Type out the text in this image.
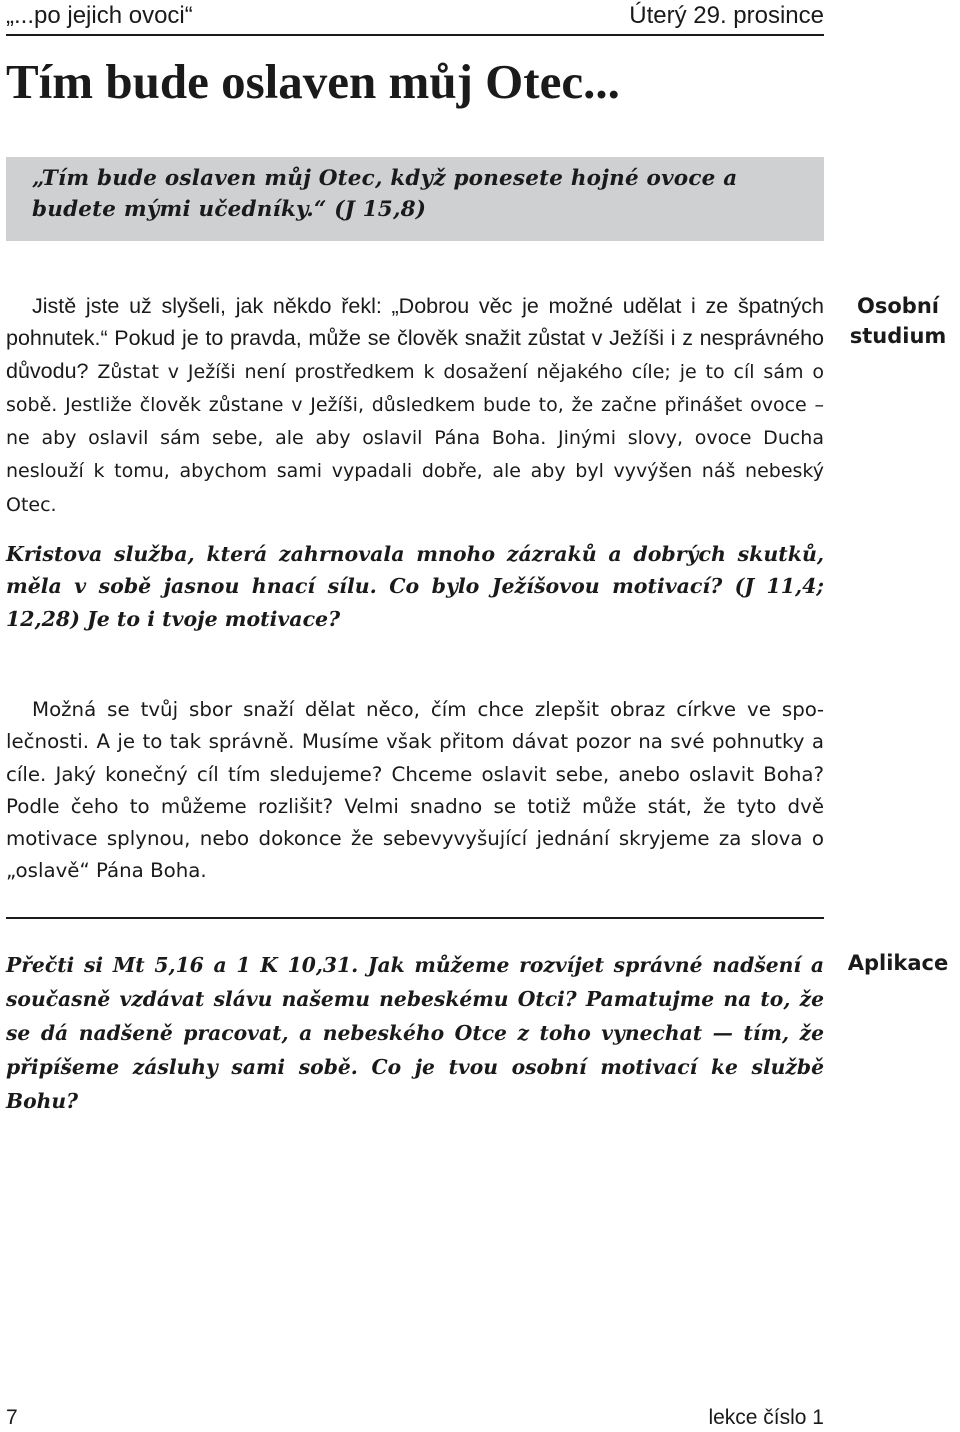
„...po jejich ovoci“	Úterý 29. prosince
Tím bude oslaven můj Otec...
„Tím bude oslaven můj Otec, když ponesete hojné ovoce a budete mými učedníky.“ (J 15,8)
Osobní
studium

Jistě jste už slyšeli, jak někdo řekl: „Dobrou věc je možné udělat i ze špatných pohnutek.“ Pokud je to pravda, může se člověk snažit zůstat v Ježíši i z nesprávného důvodu? Zůstat v Ježíši není prostředkem k dosažení nějakého cíle; je to cíl sám o sobě. Jestliže člověk zůstane v Ježíši, důsledkem bude to, že začne přinášet ovoce – ne aby oslavil sám sebe, ale aby oslavil Pána Boha. Jinými slovy, ovoce Ducha neslouží k tomu, abychom sami vypadali dobře, ale aby byl vyvýšen náš nebeský Otec.

Kristova služba, která zahrnovala mnoho zázraků a dobrých skutků, měla v sobě jasnou hnací sílu. Co bylo Ježíšovou motivací? (J 11,4; 12,28) Je to i tvoje motivace?

Možná se tvůj sbor snaží dělat něco, čím chce zlepšit obraz církve ve společnosti. A je to tak správně. Musíme však přitom dávat pozor na své pohnutky a cíle. Jaký konečný cíl tím sledujeme? Chceme oslavit sebe, anebo oslavit Boha? Podle čeho to můžeme rozlišit? Velmi snadno se totiž může stát, že tyto dvě motivace splynou, nebo dokonce že sebevyvyšující jednání skryjeme za slova o „oslavě“ Pána Boha.

Aplikace

Přečti si Mt 5,16 a 1 K 10,31. Jak můžeme rozvíjet správné nadšení a současně vzdávat slávu našemu nebeskému Otci? Pamatujme na to, že se dá nadšeně pracovat, a nebeského Otce z toho vynechat — tím, že připíšeme zásluhy sami sobě. Co je tvou osobní motivací ke službě Bohu?

7	lekce číslo 1
